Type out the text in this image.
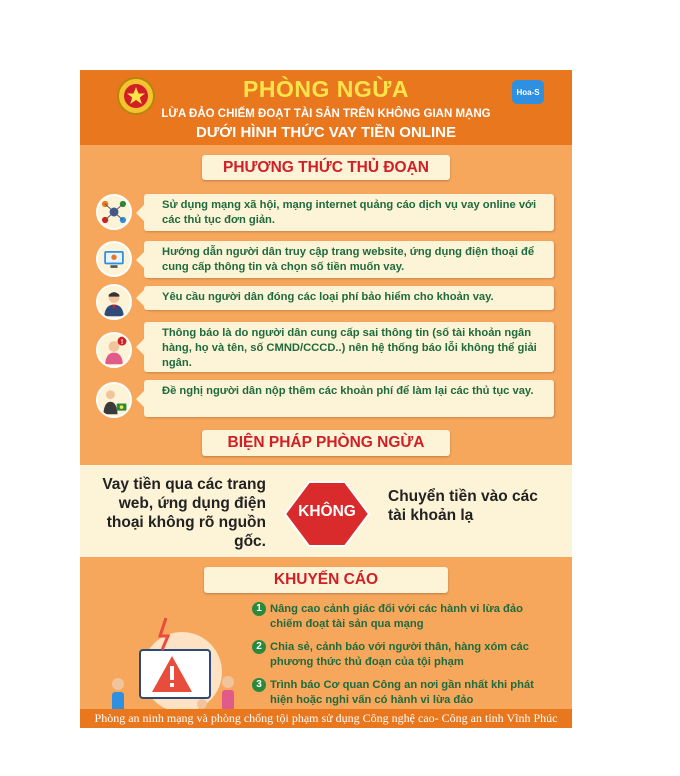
Hoa-S
PHÒNG NGỪA
LỪA ĐẢO CHIẾM ĐOẠT TÀI SẢN TRÊN KHÔNG GIAN MẠNG
DƯỚI HÌNH THỨC VAY TIỀN ONLINE
PHƯƠNG THỨC THỦ ĐOẠN
Sử dụng mạng xã hội, mạng internet quảng cáo dịch vụ vay online với các thủ tục đơn giản.
Hướng dẫn người dân truy cập trang website, ứng dụng điện thoại để cung cấp thông tin và chọn số tiền muốn vay.
Yêu cầu người dân đóng các loại phí bảo hiểm cho khoản vay.
!
Thông báo là do người dân cung cấp sai thông tin (số tài khoản ngân hàng, họ và tên, số CMND/CCCD..) nên hệ thống báo lỗi không thể giải ngân.
Đề nghị người dân nộp thêm các khoản phí để làm lại các thủ tục vay.
BIỆN PHÁP PHÒNG NGỪA
Vay tiền qua các trang web, ứng dụng điện thoại không rõ nguồn gốc.
Chuyển tiền vào các tài khoản lạ
KHÔNG
KHUYẾN CÁO
1 Nâng cao cảnh giác đối với các hành vi lừa đảo chiếm đoạt tài sản qua mạng
2 Chia sẻ, cảnh báo với người thân, hàng xóm các phương thức thủ đoạn của tội phạm
3 Trình báo Cơ quan Công an nơi gần nhất khi phát hiện hoặc nghi vấn có hành vi lừa đảo
Phòng an ninh mạng và phòng chống tội phạm sử dụng Công nghệ cao- Công an tỉnh Vĩnh Phúc
